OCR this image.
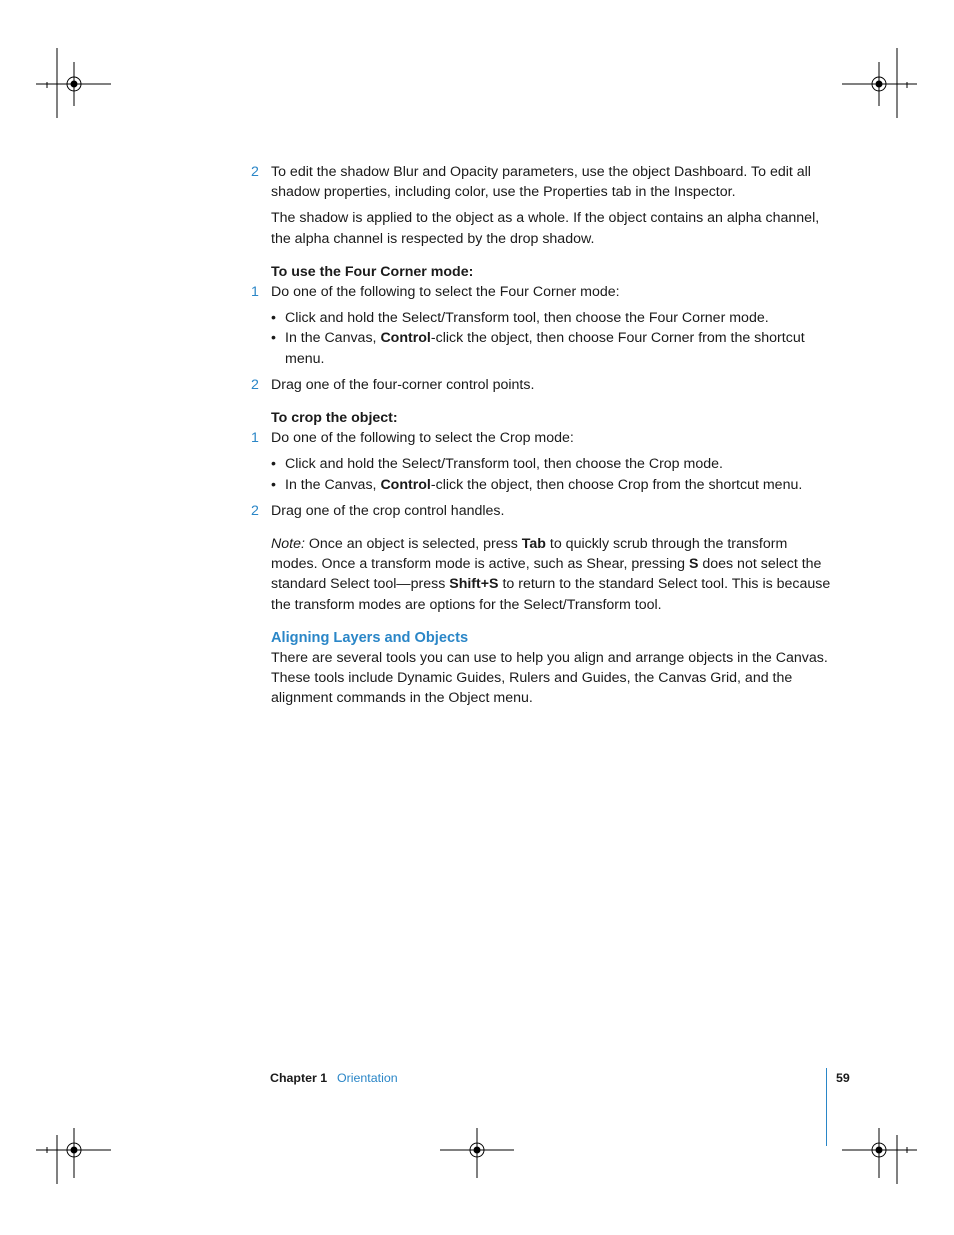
2 To edit the shadow Blur and Opacity parameters, use the object Dashboard. To edit all shadow properties, including color, use the Properties tab in the Inspector.

The shadow is applied to the object as a whole. If the object contains an alpha channel, the alpha channel is respected by the drop shadow.

To use the Four Corner mode:

1 Do one of the following to select the Four Corner mode:

• Click and hold the Select/Transform tool, then choose the Four Corner mode.

• In the Canvas, Control-click the object, then choose Four Corner from the shortcut menu.

2 Drag one of the four-corner control points.

To crop the object:

1 Do one of the following to select the Crop mode:

• Click and hold the Select/Transform tool, then choose the Crop mode.

• In the Canvas, Control-click the object, then choose Crop from the shortcut menu.

2 Drag one of the crop control handles.

Note: Once an object is selected, press Tab to quickly scrub through the transform modes. Once a transform mode is active, such as Shear, pressing S does not select the standard Select tool—press Shift+S to return to the standard Select tool. This is because the transform modes are options for the Select/Transform tool.

Aligning Layers and Objects

There are several tools you can use to help you align and arrange objects in the Canvas. These tools include Dynamic Guides, Rulers and Guides, the Canvas Grid, and the alignment commands in the Object menu.

Chapter 1 Orientation	59
